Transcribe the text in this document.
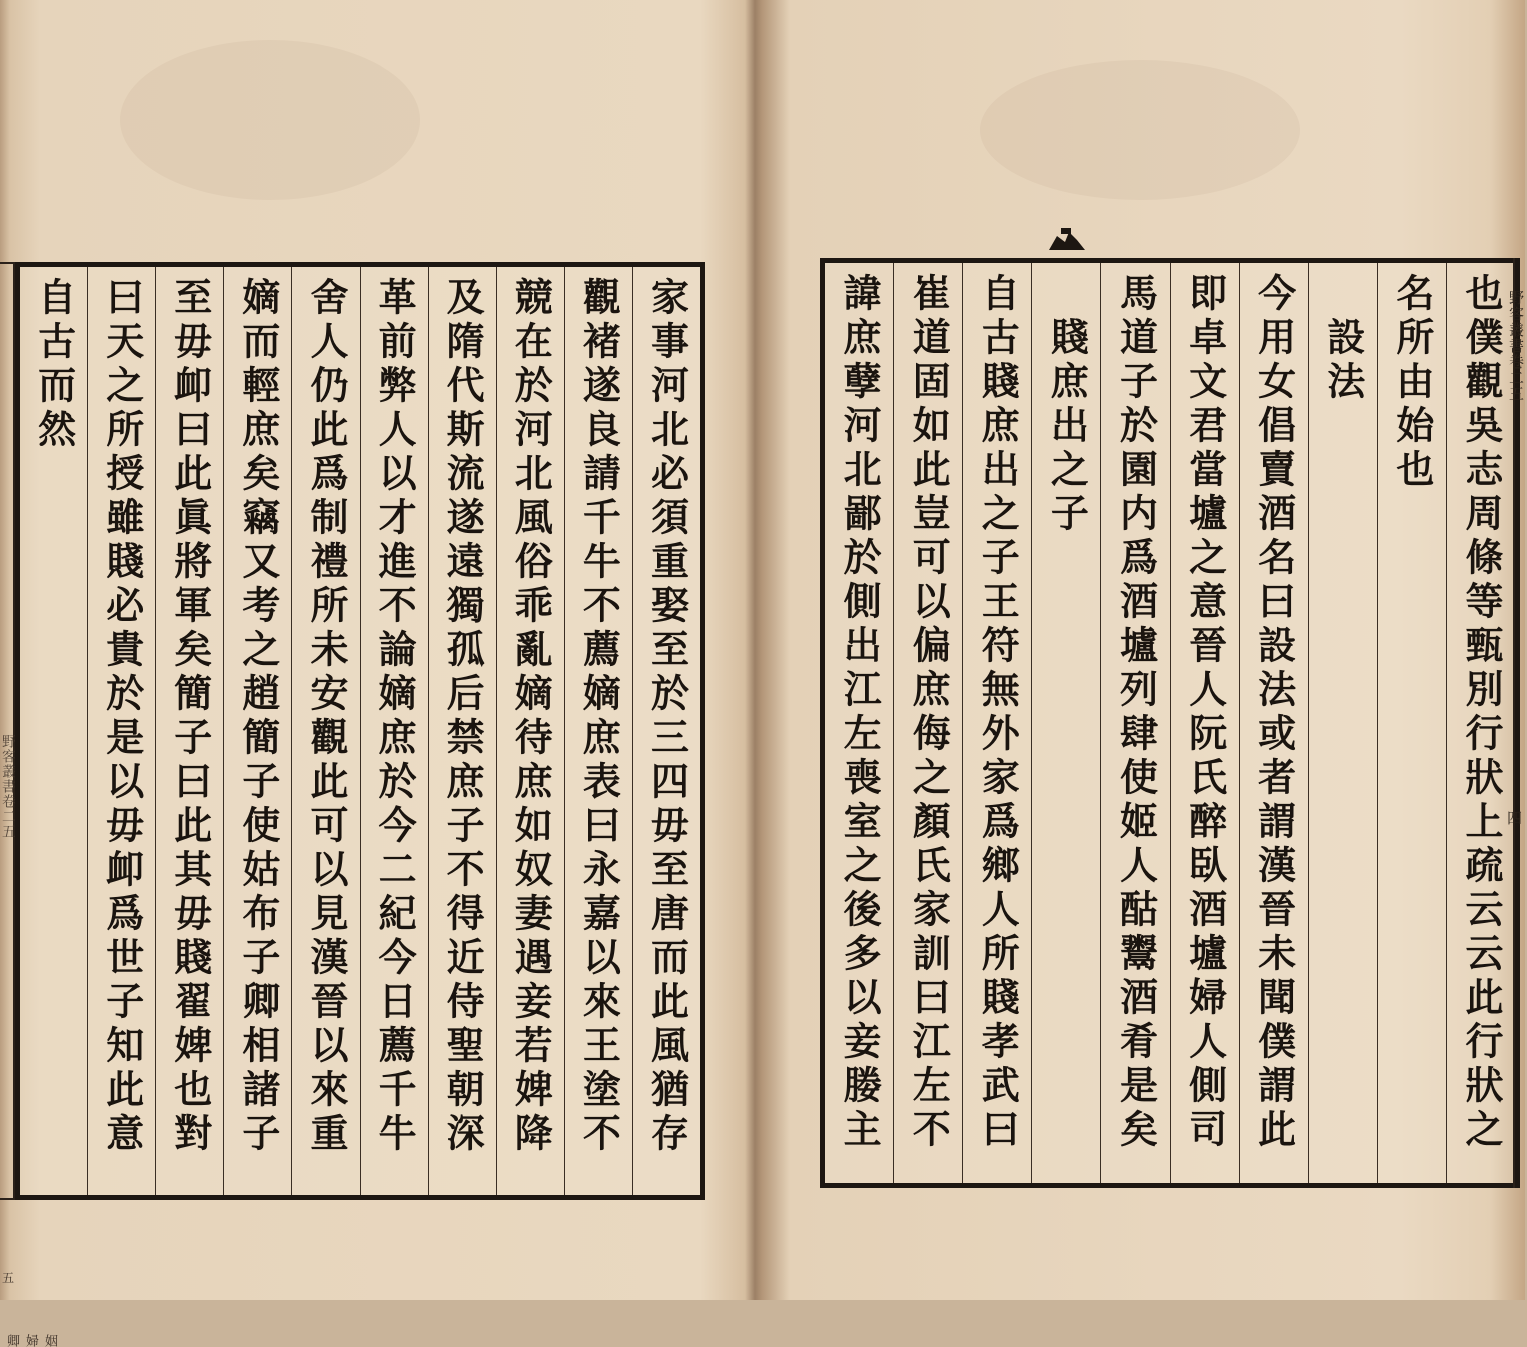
野客叢書卷二五
五
姻婦卿
家事河北必須重娶至於三四毋至唐而此風猶存
觀褚遂良請千牛不薦嫡庶表曰永嘉以來王塗不
競在於河北風俗乖亂嫡待庶如奴妻遇妾若婢降
及隋代斯流遂遠獨孤后禁庶子不得近侍聖朝深
革前弊人以才進不論嫡庶於今二紀今日薦千牛
舍人仍此爲制禮所未安觀此可以見漢晉以來重
嫡而輕庶矣竊又考之趙簡子使姑布子卿相諸子
至毋卹曰此眞將軍矣簡子曰此其毋賤翟婢也對
曰天之所授雖賤必貴於是以毋卹爲世子知此意
自古而然	也僕觀吳志周條等甄別行狀上疏云云此行狀之
名所由始也
　設法
今用女倡賣酒名曰設法或者謂漢晉未聞僕謂此
即卓文君當壚之意晉人阮氏醉臥酒壚婦人側司
馬道子於園内爲酒壚列肆使姬人酤鬻酒肴是矣
　賤庶出之子
自古賤庶出之子王符無外家爲鄉人所賤孝武曰
崔道固如此豈可以偏庶侮之顏氏家訓曰江左不
諱庶孽河北鄙於側出江左喪室之後多以妾媵主	野客叢書卷二五
四
